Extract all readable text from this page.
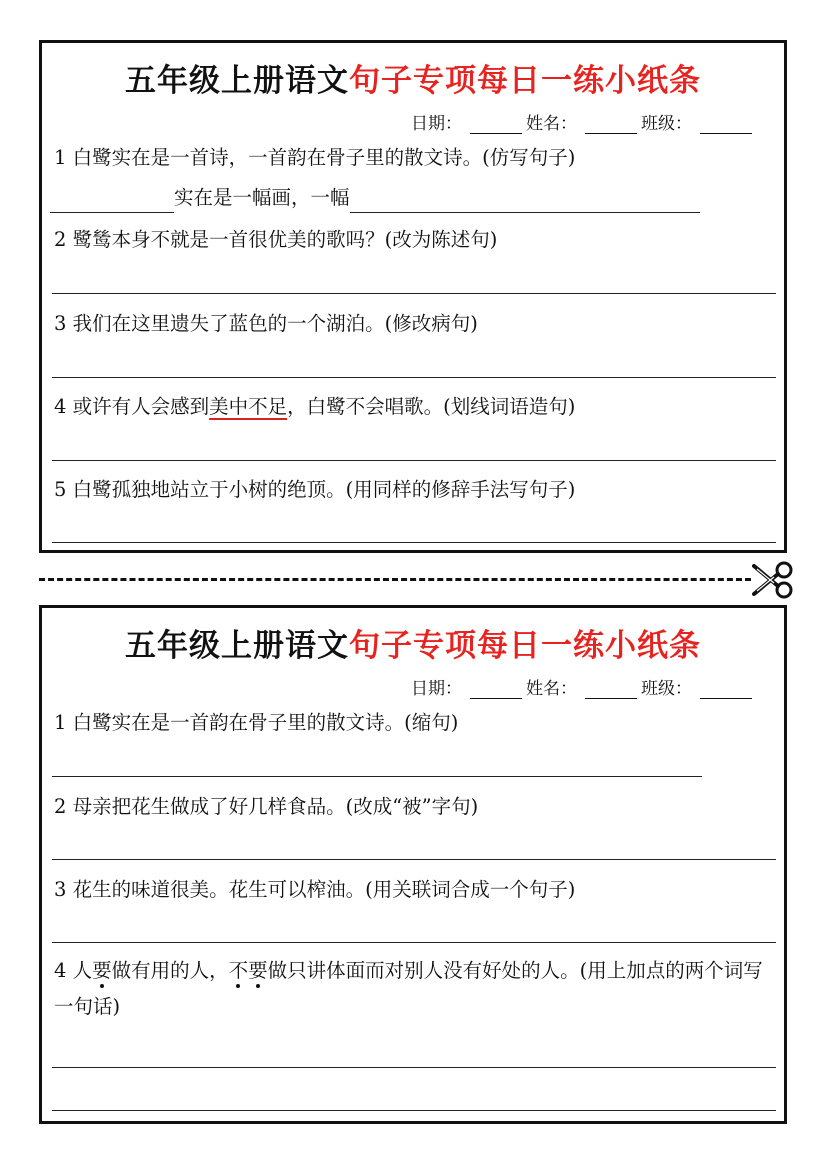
五年级上册语文句子专项每日一练小纸条
日期：	姓名：	班级：
1 白鹭实在是一首诗，一首韵在骨子里的散文诗。(仿写句子)
实在是一幅画，一幅
2 鹭鸶本身不就是一首很优美的歌吗？(改为陈述句)
3 我们在这里遗失了蓝色的一个湖泊。(修改病句)
4 或许有人会感到美中不足，白鹭不会唱歌。(划线词语造句)
5 白鹭孤独地站立于小树的绝顶。(用同样的修辞手法写句子)
五年级上册语文句子专项每日一练小纸条
日期：	姓名：	班级：
1 白鹭实在是一首韵在骨子里的散文诗。(缩句)
2 母亲把花生做成了好几样食品。(改成“被”字句)
3 花生的味道很美。花生可以榨油。(用关联词合成一个句子)
4 人要做有用的人，不要做只讲体面而对别人没有好处的人。(用上加点的两个词写一句话)
